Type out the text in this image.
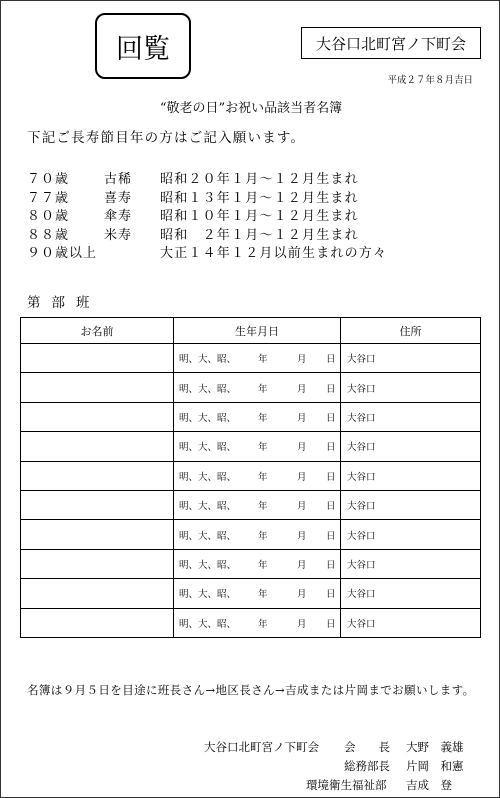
回覧	大谷口北町宮ノ下町会
平成２７年８月吉日
“敬老の日”お祝い品該当者名簿
下記ご長寿節目年の方はご記入願います。
７０歳	古稀 昭和２０年１月～１２月生まれ
７７歳	喜寿 昭和１３年１月～１２月生まれ
８０歳	傘寿 昭和１０年１月～１２月生まれ
８８歳	米寿 昭和　２年１月～１２月生まれ
９０歳以上	大正１４年１２月以前生まれの方々
第部班
お名前	生年月日	住所

	明、大、昭、 年 月 日	大谷口

	明、大、昭、 年 月 日	大谷口

	明、大、昭、 年 月 日	大谷口

	明、大、昭、 年 月 日	大谷口

	明、大、昭、 年 月 日	大谷口

	明、大、昭、 年 月 日	大谷口

	明、大、昭、 年 月 日	大谷口

	明、大、昭、 年 月 日	大谷口

	明、大、昭、 年 月 日	大谷口

	明、大、昭、 年 月 日	大谷口
名簿は９月５日を目途に班長さん→地区長さん→吉成または片岡までお願いします。
大谷口北町宮ノ下町会 会　　長 大野　義雄
総務部長 片岡　和憲
環境衛生福祉部 吉成　登
